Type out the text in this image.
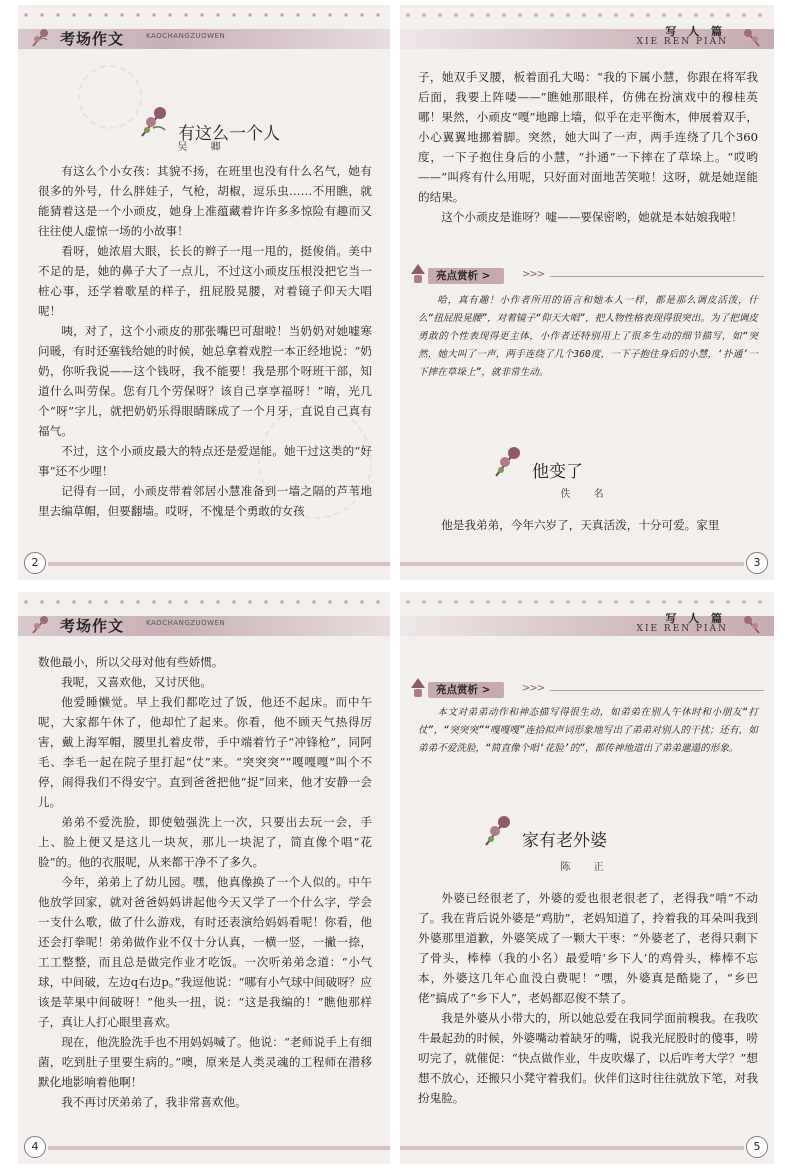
考场作文	KAOCHANGZUOWEN
有这么一个人
吴 卿

有这么个小女孩：其貌不扬，在班里也没有什么名气，她有很多的外号，什么胖娃子，气枪，胡椒，逗乐虫……不用瞧，就能猜着这是一个小顽皮，她身上准蕴藏着许许多多惊险有趣而又往往使人虚惊一场的小故事！

看呀，她浓眉大眼，长长的辫子一甩一甩的，挺俊俏。美中不足的是，她的鼻子大了一点儿，不过这小顽皮压根没把它当一桩心事，还学着歌星的样子，扭屁股晃腰，对着镜子仰天大唱呢！

咦，对了，这个小顽皮的那张嘴巴可甜啦！当奶奶对她嘘寒问暖，有时还塞钱给她的时候，她总拿着戏腔一本正经地说：“奶奶，你听我说——这个钱呀，我不能要！我是那个呀班干部，知道什么叫劳保。您有几个劳保呀？该自己享享福呀！”唷，光几个“呀”字儿，就把奶奶乐得眼睛眯成了一个月牙，直说自己真有福气。

不过，这个小顽皮最大的特点还是爱逞能。她干过这类的“好事”还不少哩！

记得有一回，小顽皮带着邻居小慧准备到一墙之隔的芦苇地里去编草帽，但要翻墙。哎呀，不愧是个勇敢的女孩

2
写 人 篇
XIE REN PIAN

子，她双手叉腰，板着面孔大喝：“我的下属小慧，你跟在将军我后面，我要上阵喽——”瞧她那眼样，仿佛在扮演戏中的穆桂英哪！果然，小顽皮“嘎”地蹿上墙，似乎在走平衡木，伸展着双手，小心翼翼地挪着脚。突然，她大叫了一声，两手连绕了几个360度，一下子抱住身后的小慧，“扑通”一下摔在了草垛上。“哎哟——”叫疼有什么用呢，只好面对面地苦笑啦！这呀，就是她逞能的结果。

这个小顽皮是谁呀？嘘——要保密哟，她就是本姑娘我啦！

亮点赏析 >	>>>

哈，真有趣！小作者所用的语言和她本人一样，都是那么调皮活泼，什么“扭屁股晃腰”，对着镜子“仰天大唱”，把人物性格表现得很突出。为了把调皮勇敢的个性表现得更主体，小作者还特别用上了很多生动的细节描写，如“突然，她大叫了一声，两手连绕了几个360度，一下子抱住身后的小慧，‘扑通’一下摔在草垛上”，就非常生动。

他变了
佚 名

他是我弟弟，今年六岁了，天真活泼，十分可爱。家里

3
考场作文	KAOCHANGZUOWEN

数他最小，所以父母对他有些娇惯。

我呢，又喜欢他，又讨厌他。

他爱睡懒觉。早上我们都吃过了饭，他还不起床。而中午呢，大家都午休了，他却忙了起来。你看，他不顾天气热得厉害，戴上海军帽，腰里扎着皮带，手中端着竹子“冲锋枪”，同阿毛、李毛一起在院子里打起“仗”来。“突突突”“嘎嘎嘎”叫个不停，闹得我们不得安宁。直到爸爸把他“捉”回来，他才安静一会儿。

弟弟不爱洗脸，即使勉强洗上一次，只要出去玩一会，手上、脸上便又是这儿一块灰，那儿一块泥了，简直像个唱“花脸”的。他的衣服呢，从来都干净不了多久。

今年，弟弟上了幼儿园。嘿，他真像换了一个人似的。中午他放学回家，就对爸爸妈妈讲起他今天又学了一个什么字，学会一支什么歌，做了什么游戏，有时还表演给妈妈看呢！你看，他还会打拳呢！弟弟做作业不仅十分认真，一横一竖，一撇一捺，工工整整，而且总是做完作业才吃饭。一次听弟弟念道：“小气球，中间破，左边q右边p。”我逗他说：“哪有小气球中间破呀？应该是苹果中间破呀！”他头一扭，说：“这是我编的！”瞧他那样子，真让人打心眼里喜欢。

现在，他洗脸洗手也不用妈妈喊了。他说：“老师说手上有细菌，吃到肚子里要生病的。”噢，原来是人类灵魂的工程师在潜移默化地影响着他啊！

我不再讨厌弟弟了，我非常喜欢他。

4
写 人 篇
XIE REN PIAN
亮点赏析 >	>>>

本文对弟弟动作和神态描写得很生动，如弟弟在别人午休时和小朋友“打仗”，“突突突”“嘎嘎嘎”连拾拟声词形象地写出了弟弟对别人的干扰；还有，如弟弟不爱洗脸，“简直像个唱‘花脸’的”，都传神地道出了弟弟邋遢的形象。

家有老外婆
陈 正

外婆已经很老了，外婆的爱也很老很老了，老得我“啃”不动了。我在背后说外婆是“鸡肋”，老妈知道了，拎着我的耳朵叫我到外婆那里道歉，外婆笑成了一颗大干枣：“外婆老了，老得只剩下了骨头，棒棒（我的小名）最爱啃‘乡下人’的鸡骨头，棒棒不忘本，外婆这几年心血没白费呢！”嘿，外婆真是酷毙了，“乡巴佬”搞成了“乡下人”，老妈都忍俊不禁了。

我是外婆从小带大的，所以她总爱在我同学面前糗我。在我吹牛最起劲的时候，外婆嘴动着缺牙的嘴，说我光屁股时的傻事，唠叨完了，就催促：“快点做作业，牛皮吹爆了，以后咋考大学？”想想不放心，还搬只小凳守着我们。伙伴们这时往往就放下笔，对我扮鬼脸。

5
